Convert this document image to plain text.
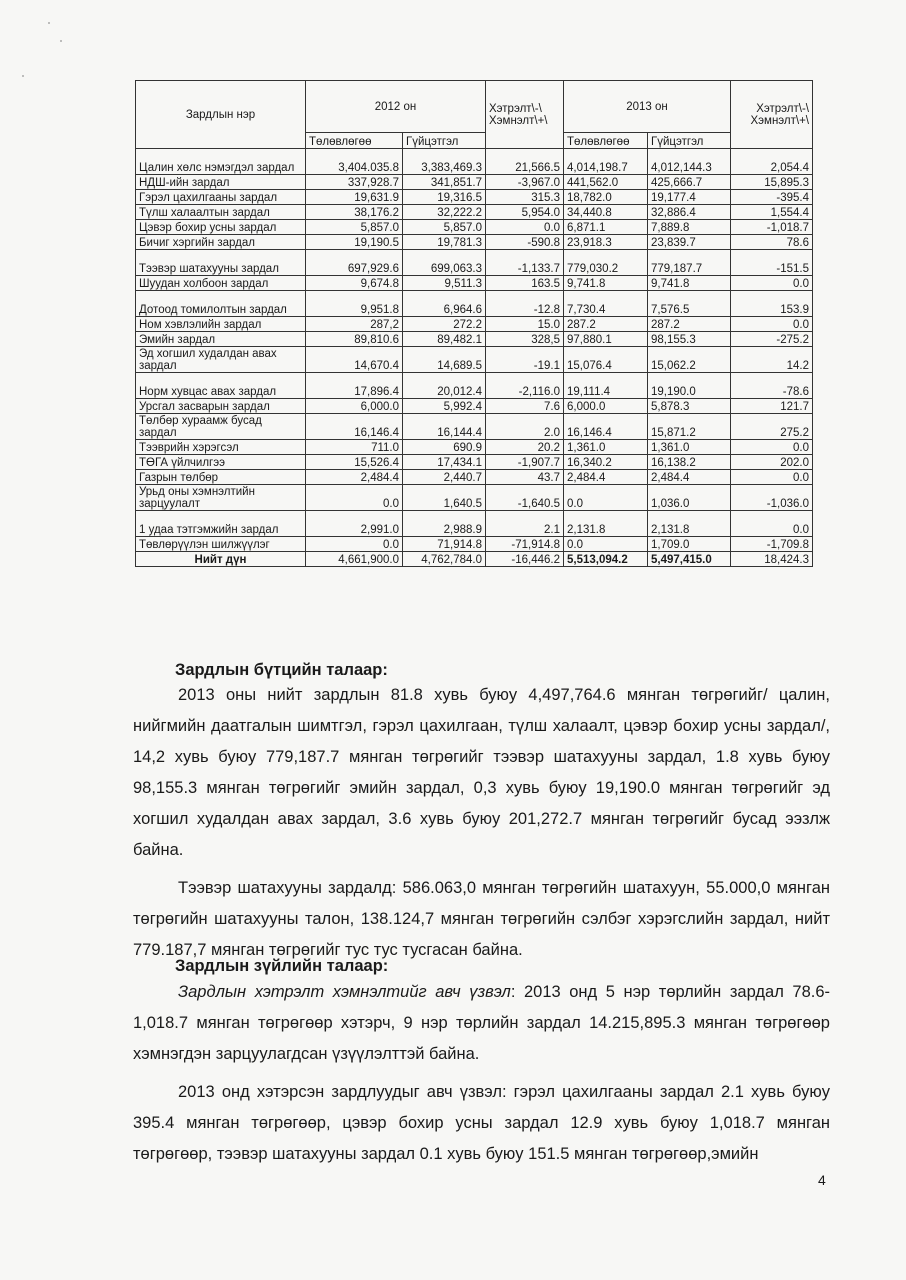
Зардлын нэр	2012 он		Хэтрэлт\-\ Хэмнэлт\+\	2013 он		Хэтрэлт\-\ Хэмнэлт\+\
	Төлөвлөгөө	Гүйцэтгэл		Төлөвлөгөө	Гүйцэтгэл	
Цалин хөлс нэмэгдэл зардал	3,404.035.8	3,383,469.3	21,566.5	4,014,198.7	4,012,144.3	2,054.4
НДШ-ийн зардал	337,928.7	341,851.7	-3,967.0	441,562.0	425,666.7	15,895.3
Гэрэл цахилгааны зардал	19,631.9	19,316.5	315.3	18,782.0	19,177.4	-395.4
Түлш халаалтын зардал	38,176.2	32,222.2	5,954.0	34,440.8	32,886.4	1,554.4
Цэвэр бохир усны зардал	5,857.0	5,857.0	0.0	6,871.1	7,889.8	-1,018.7
Бичиг хэргийн зардал	19,190.5	19,781.3	-590.8	23,918.3	23,839.7	78.6
Тээвэр шатахууны зардал	697,929.6	699,063.3	-1,133.7	779,030.2	779,187.7	-151.5
Шуудан холбоон зардал	9,674.8	9,511.3	163.5	9,741.8	9,741.8	0.0
Дотоод томилолтын зардал	9,951.8	6,964.6	-12.8	7,730.4	7,576.5	153.9
Ном хэвлэлийн зардал	287,2	272.2	15.0	287.2	287.2	0.0
Эмийн зардал	89,810.6	89,482.1	328,5	97,880.1	98,155.3	-275.2
Эд хогшил худалдан авах зардал	14,670.4	14,689.5	-19.1	15,076.4	15,062.2	14.2
Норм хувцас авах зардал	17,896.4	20,012.4	-2,116.0	19,111.4	19,190.0	-78.6
Урсгал засварын зардал	6,000.0	5,992.4	7.6	6,000.0	5,878.3	121.7
Төлбөр хураамж бусад зардал	16,146.4	16,144.4	2.0	16,146.4	15,871.2	275.2
Тээврийн хэрэгсэл	711.0	690.9	20.2	1,361.0	1,361.0	0.0
ТӨГА үйлчилгээ	15,526.4	17,434.1	-1,907.7	16,340.2	16,138.2	202.0
Газрын төлбөр	2,484.4	2,440.7	43.7	2,484.4	2,484.4	0.0
Урьд оны хэмнэлтийн зарцуулалт	0.0	1,640.5	-1,640.5	0.0	1,036.0	-1,036.0
1 удаа тэтгэмжийн зардал	2,991.0	2,988.9	2.1	2,131.8	2,131.8	0.0
Төвлөрүүлэн шилжүүлэг	0.0	71,914.8	-71,914.8	0.0	1,709.0	-1,709.8
Нийт дүн	4,661,900.0	4,762,784.0	-16,446.2	5,513,094.2	5,497,415.0	18,424.3
Зардлын бүтцийн талаар:

2013 оны нийт зардлын 81.8 хувь буюу 4,497,764.6 мянган төгрөгийг/ цалин, нийгмийн даатгалын шимтгэл, гэрэл цахилгаан, түлш халаалт, цэвэр бохир усны зардал/, 14,2 хувь буюу 779,187.7 мянган төгрөгийг тээвэр шатахууны зардал, 1.8 хувь буюу 98,155.3 мянган төгрөгийг эмийн зардал, 0,3 хувь буюу 19,190.0 мянган төгрөгийг эд хогшил худалдан авах зардал, 3.6 хувь буюу 201,272.7 мянган төгрөгийг бусад ээзлж байна.

Тээвэр шатахууны зардалд: 586.063,0 мянган төгрөгийн шатахуун, 55.000,0 мянган төгрөгийн шатахууны талон, 138.124,7 мянган төгрөгийн сэлбэг хэрэгслийн зардал, нийт 779.187,7 мянган төгрөгийг тус тус тусгасан байна.

Зардлын зүйлийн талаар:

Зардлын хэтрэлт хэмнэлтийг авч үзвэл: 2013 онд 5 нэр төрлийн зардал 78.6-1,018.7 мянган төгрөгөөр хэтэрч, 9 нэр төрлийн зардал 14.215,895.3 мянган төгрөгөөр хэмнэгдэн зарцуулагдсан үзүүлэлттэй байна.

2013 онд хэтэрсэн зардлуудыг авч үзвэл: гэрэл цахилгааны зардал 2.1 хувь буюу 395.4 мянган төгрөгөөр, цэвэр бохир усны зардал 12.9 хувь буюу 1,018.7 мянган төгрөгөөр, тээвэр шатахууны зардал 0.1 хувь буюу 151.5 мянган төгрөгөөр,эмийн

4
